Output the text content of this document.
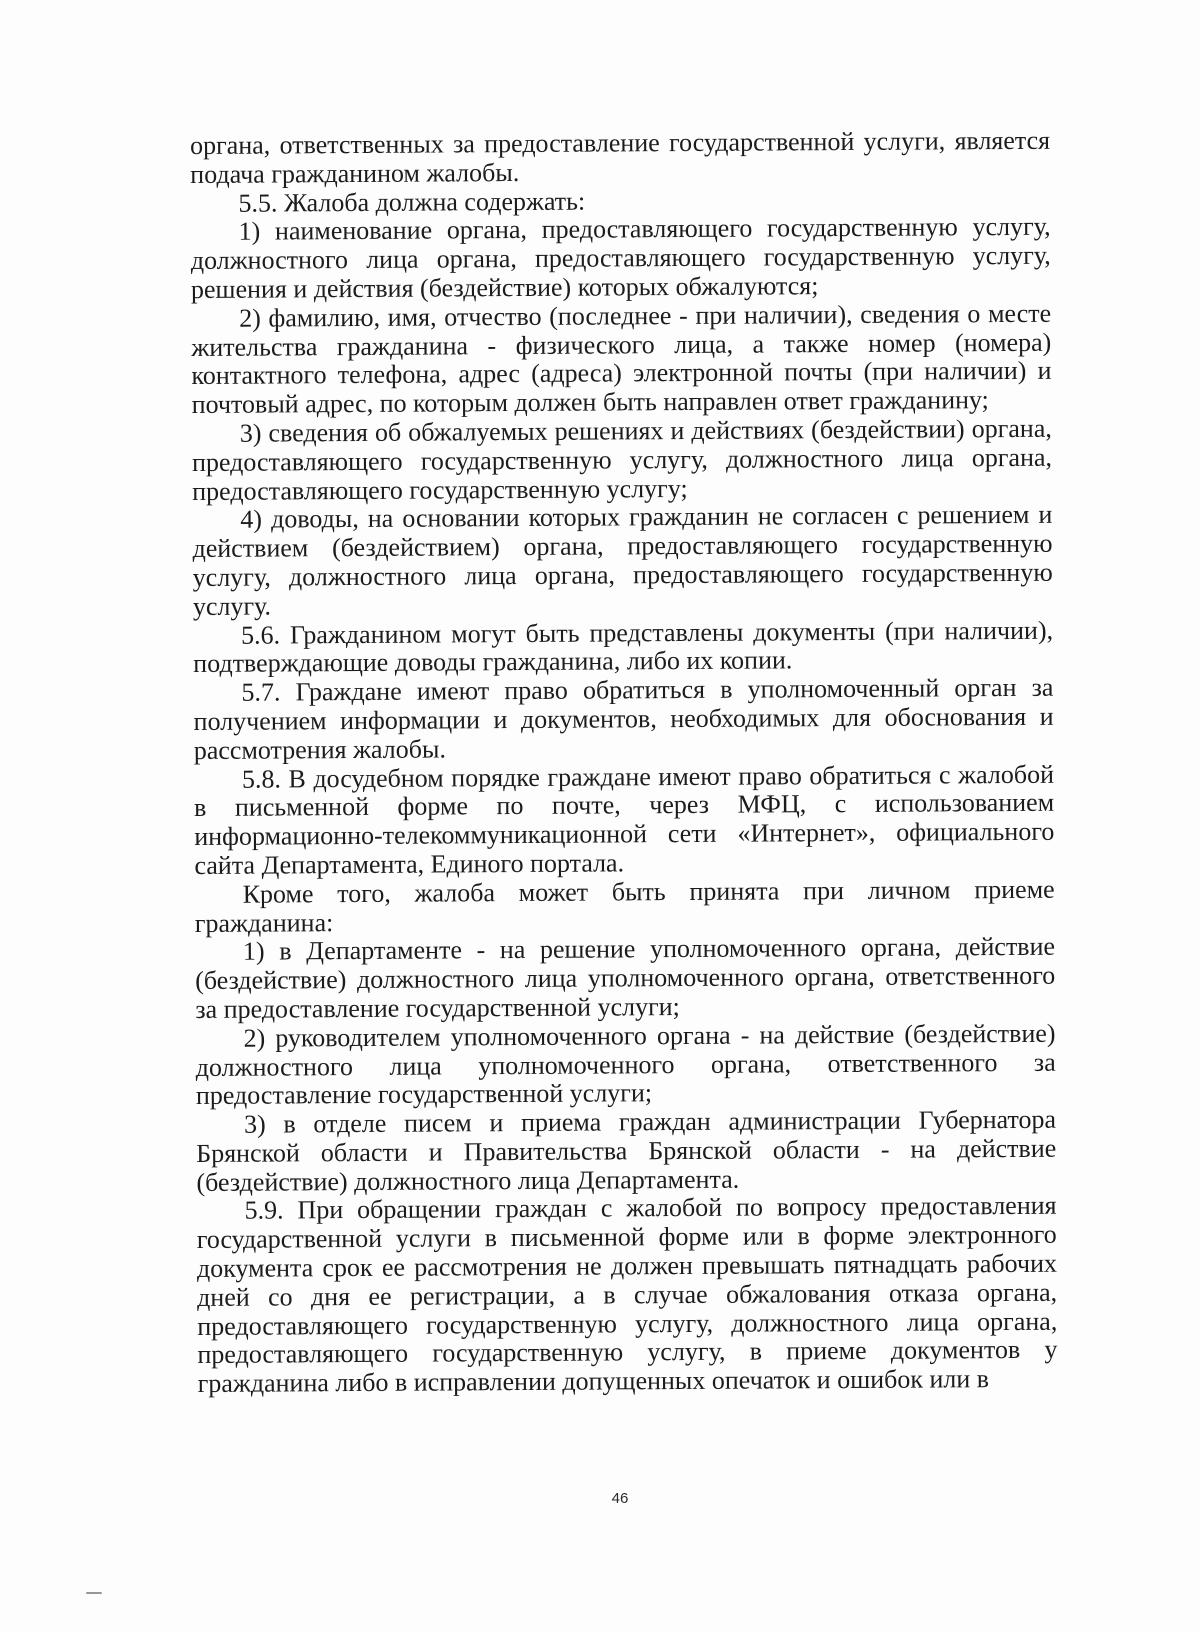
органа, ответственных за предоставление государственной услуги, является подача гражданином жалобы.

5.5. Жалоба должна содержать:

1) наименование органа, предоставляющего государственную услугу, должностного лица органа, предоставляющего государственную услугу, решения и действия (бездействие) которых обжалуются;

2) фамилию, имя, отчество (последнее - при наличии), сведения о месте жительства гражданина - физического лица, а также номер (номера) контактного телефона, адрес (адреса) электронной почты (при наличии) и почтовый адрес, по которым должен быть направлен ответ гражданину;

3) сведения об обжалуемых решениях и действиях (бездействии) органа, предоставляющего государственную услугу, должностного лица органа, предоставляющего государственную услугу;

4) доводы, на основании которых гражданин не согласен с решением и действием (бездействием) органа, предоставляющего государственную услугу, должностного лица органа, предоставляющего государственную услугу.

5.6. Гражданином могут быть представлены документы (при наличии), подтверждающие доводы гражданина, либо их копии.

5.7. Граждане имеют право обратиться в уполномоченный орган за получением информации и документов, необходимых для обоснования и рассмотрения жалобы.

5.8. В досудебном порядке граждане имеют право обратиться с жалобой в письменной форме по почте, через МФЦ, с использованием информационно-телекоммуникационной сети «Интернет», официального сайта Департамента, Единого портала.

Кроме того, жалоба может быть принята при личном приеме гражданина:

1) в Департаменте - на решение уполномоченного органа, действие (бездействие) должностного лица уполномоченного органа, ответственного за предоставление государственной услуги;

2) руководителем уполномоченного органа - на действие (бездействие) должностного лица уполномоченного органа, ответственного за предоставление государственной услуги;

3) в отделе писем и приема граждан администрации Губернатора Брянской области и Правительства Брянской области - на действие (бездействие) должностного лица Департамента.

5.9. При обращении граждан с жалобой по вопросу предоставления государственной услуги в письменной форме или в форме электронного документа срок ее рассмотрения не должен превышать пятнадцать рабочих дней со дня ее регистрации, а в случае обжалования отказа органа, предоставляющего государственную услугу, должностного лица органа, предоставляющего государственную услугу, в приеме документов у гражданина либо в исправлении допущенных опечаток и ошибок или в

46
